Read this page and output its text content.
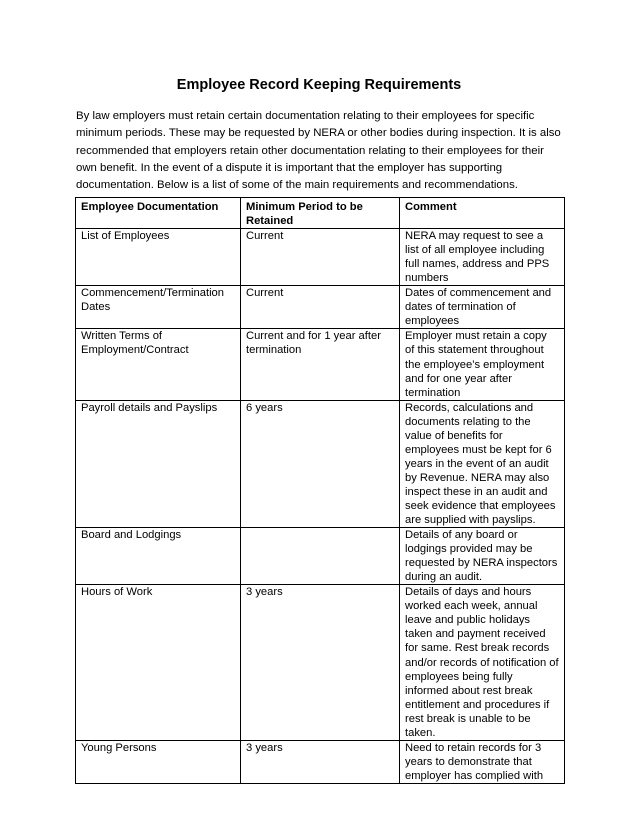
Employee Record Keeping Requirements

By law employers must retain certain documentation relating to their employees for specific minimum periods. These may be requested by NERA or other bodies during inspection. It is also recommended that employers retain other documentation relating to their employees for their own benefit. In the event of a dispute it is important that the employer has supporting documentation. Below is a list of some of the main requirements and recommendations.

Employee Documentation	Minimum Period to be Retained	Comment
List of Employees	Current	NERA may request to see a list of all employee including full names, address and PPS numbers
Commencement/Termination Dates	Current	Dates of commencement and dates of termination of employees
Written Terms of Employment/Contract	Current and for 1 year after termination	Employer must retain a copy of this statement throughout the employee’s employment and for one year after termination
Payroll details and Payslips	6 years	Records, calculations and documents relating to the value of benefits for employees must be kept for 6 years in the event of an audit by Revenue. NERA may also inspect these in an audit and seek evidence that employees are supplied with payslips.
Board and Lodgings		Details of any board or lodgings provided may be requested by NERA inspectors during an audit.
Hours of Work	3 years	Details of days and hours worked each week, annual leave and public holidays taken and payment received for same. Rest break records and/or records of notification of employees being fully informed about rest break entitlement and procedures if rest break is unable to be taken.
Young Persons	3 years	Need to retain records for 3 years to demonstrate that employer has complied with
